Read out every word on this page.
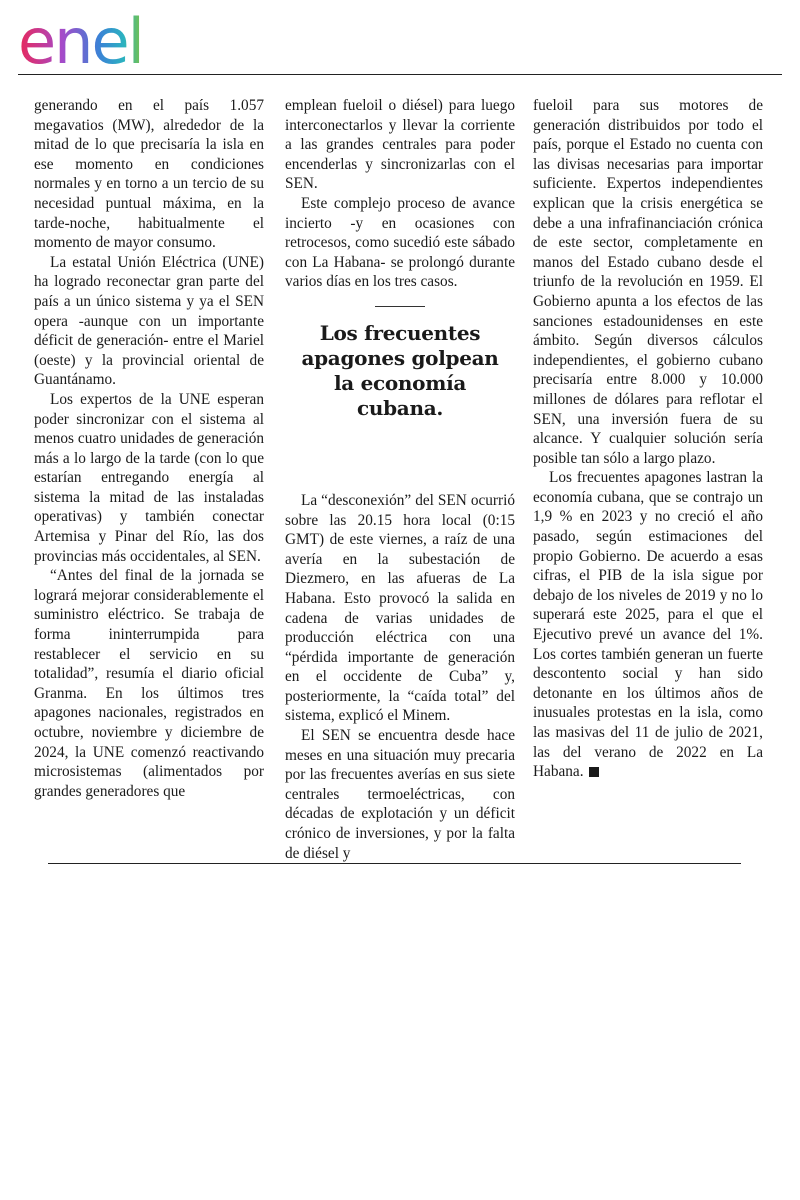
enel

generando en el país 1.057 megavatios (MW), alrededor de la mitad de lo que precisaría la isla en ese momento en condiciones normales y en torno a un tercio de su necesidad puntual máxima, en la tarde-noche, habitualmente el momento de mayor consumo.

La estatal Unión Eléctrica (UNE) ha logrado reconectar gran parte del país a un único sistema y ya el SEN opera -aunque con un importante déficit de generación- entre el Mariel (oeste) y la provincial oriental de Guantánamo.

Los expertos de la UNE esperan poder sincronizar con el sistema al menos cuatro unidades de generación más a lo largo de la tarde (con lo que estarían entregando energía al sistema la mitad de las instaladas operativas) y también conectar Artemisa y Pinar del Río, las dos provincias más occidentales, al SEN.

“Antes del final de la jornada se logrará mejorar considerablemente el suministro eléctrico. Se trabaja de forma ininterrumpida para restablecer el servicio en su totalidad”, resumía el diario oficial Granma. En los últimos tres apagones nacionales, registrados en octubre, noviembre y diciembre de 2024, la UNE comenzó reactivando microsistemas (alimentados por grandes generadores que

emplean fueloil o diésel) para luego interconectarlos y llevar la corriente a las grandes centrales para poder encenderlas y sincronizarlas con el SEN.

Este complejo proceso de avance incierto -y en ocasiones con retrocesos, como sucedió este sábado con La Habana- se prolongó durante varios días en los tres casos.

Los frecuentes apagones golpean la economía cubana.

La “desconexión” del SEN ocurrió sobre las 20.15 hora local (0:15 GMT) de este viernes, a raíz de una avería en la subestación de Diezmero, en las afueras de La Habana. Esto provocó la salida en cadena de varias unidades de producción eléctrica con una “pérdida importante de generación en el occidente de Cuba” y, posteriormente, la “caída total” del sistema, explicó el Minem.

El SEN se encuentra desde hace meses en una situación muy precaria por las frecuentes averías en sus siete centrales termoeléctricas, con décadas de explotación y un déficit crónico de inversiones, y por la falta de diésel y

fueloil para sus motores de generación distribuidos por todo el país, porque el Estado no cuenta con las divisas necesarias para importar suficiente. Expertos independientes explican que la crisis energética se debe a una infrafinanciación crónica de este sector, completamente en manos del Estado cubano desde el triunfo de la revolución en 1959. El Gobierno apunta a los efectos de las sanciones estadounidenses en este ámbito. Según diversos cálculos independientes, el gobierno cubano precisaría entre 8.000 y 10.000 millones de dólares para reflotar el SEN, una inversión fuera de su alcance. Y cualquier solución sería posible tan sólo a largo plazo.

Los frecuentes apagones lastran la economía cubana, que se contrajo un 1,9 % en 2023 y no creció el año pasado, según estimaciones del propio Gobierno. De acuerdo a esas cifras, el PIB de la isla sigue por debajo de los niveles de 2019 y no lo superará este 2025, para el que el Ejecutivo prevé un avance del 1%. Los cortes también generan un fuerte descontento social y han sido detonante en los últimos años de inusuales protestas en la isla, como las masivas del 11 de julio de 2021, las del verano de 2022 en La Habana.
